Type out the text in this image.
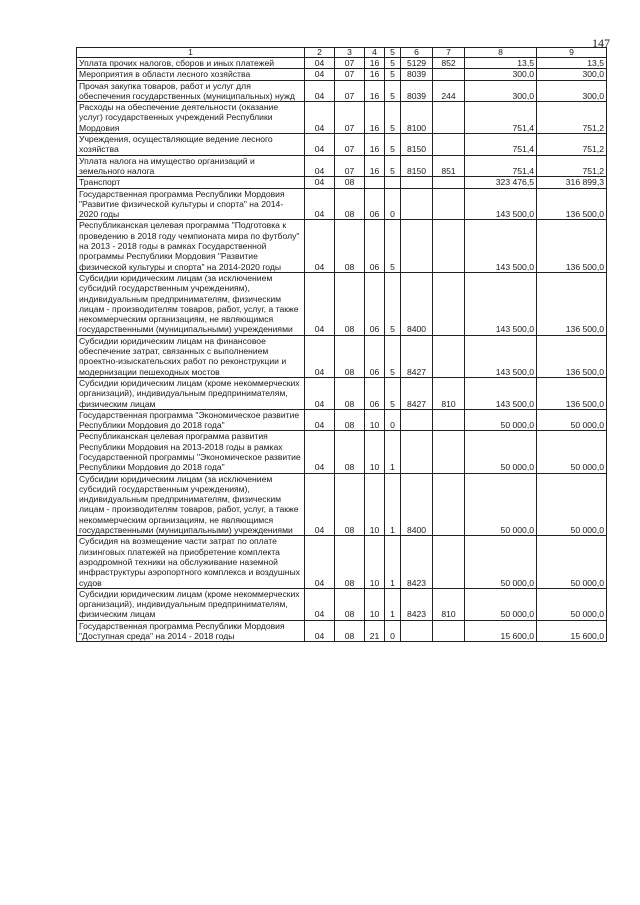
147
1	2	3	4	5	6	7	8	9
Уплата прочих налогов, сборов и иных платежей	04	07	16	5	5129	852	13,5	13,5
Мероприятия в области лесного хозяйства	04	07	16	5	8039		300,0	300,0
Прочая закупка товаров, работ и услуг для обеспечения государственных (муниципальных) нужд	04	07	16	5	8039	244	300,0	300,0
Расходы на обеспечение деятельности (оказание услуг) государственных учреждений Республики Мордовия	04	07	16	5	8100		751,4	751,2
Учреждения, осуществляющие ведение лесного хозяйства	04	07	16	5	8150		751,4	751,2
Уплата налога на имущество организаций и земельного налога	04	07	16	5	8150	851	751,4	751,2
Транспорт	04	08					323 476,5	316 899,3
Государственная программа Республики Мордовия "Развитие физической культуры и спорта" на 2014-2020 годы	04	08	06	0			143 500,0	136 500,0
Республиканская целевая программа "Подготовка к проведению в 2018 году чемпионата мира по футболу" на 2013 - 2018 годы в рамках Государственной программы Республики Мордовия "Развитие физической культуры и спорта" на 2014-2020 годы	04	08	06	5			143 500,0	136 500,0
Субсидии юридическим лицам (за исключением субсидий государственным учреждениям), индивидуальным предпринимателям, физическим лицам - производителям товаров, работ, услуг, а также некоммерческим организациям, не являющимся государственными (муниципальными) учреждениями	04	08	06	5	8400		143 500,0	136 500,0
Субсидии юридическим лицам на финансовое обеспечение затрат, связанных с выполнением проектно-изыскательских работ по реконструкции и модернизации пешеходных мостов	04	08	06	5	8427		143 500,0	136 500,0
Субсидии юридическим лицам (кроме некоммерческих организаций), индивидуальным предпринимателям, физическим лицам	04	08	06	5	8427	810	143 500,0	136 500,0
Государственная программа "Экономическое развитие Республики Мордовия до 2018 года"	04	08	10	0			50 000,0	50 000,0
Республиканская целевая программа развития Республики Мордовия на 2013-2018 годы в рамках Государственной программы "Экономическое развитие Республики Мордовия до 2018 года"	04	08	10	1			50 000,0	50 000,0
Субсидии юридическим лицам (за исключением субсидий государственным учреждениям), индивидуальным предпринимателям, физическим лицам - производителям товаров, работ, услуг, а также некоммерческим организациям, не являющимся государственными (муниципальными) учреждениями	04	08	10	1	8400		50 000,0	50 000,0
Субсидия на возмещение части затрат по оплате лизинговых платежей на приобретение комплекта аэродромной техники на обслуживание наземной инфраструктуры аэропортного комплекса и воздушных судов	04	08	10	1	8423		50 000,0	50 000,0
Субсидии юридическим лицам (кроме некоммерческих организаций), индивидуальным предпринимателям, физическим лицам	04	08	10	1	8423	810	50 000,0	50 000,0
Государственная программа Республики Мордовия "Доступная среда" на 2014 - 2018 годы	04	08	21	0			15 600,0	15 600,0
